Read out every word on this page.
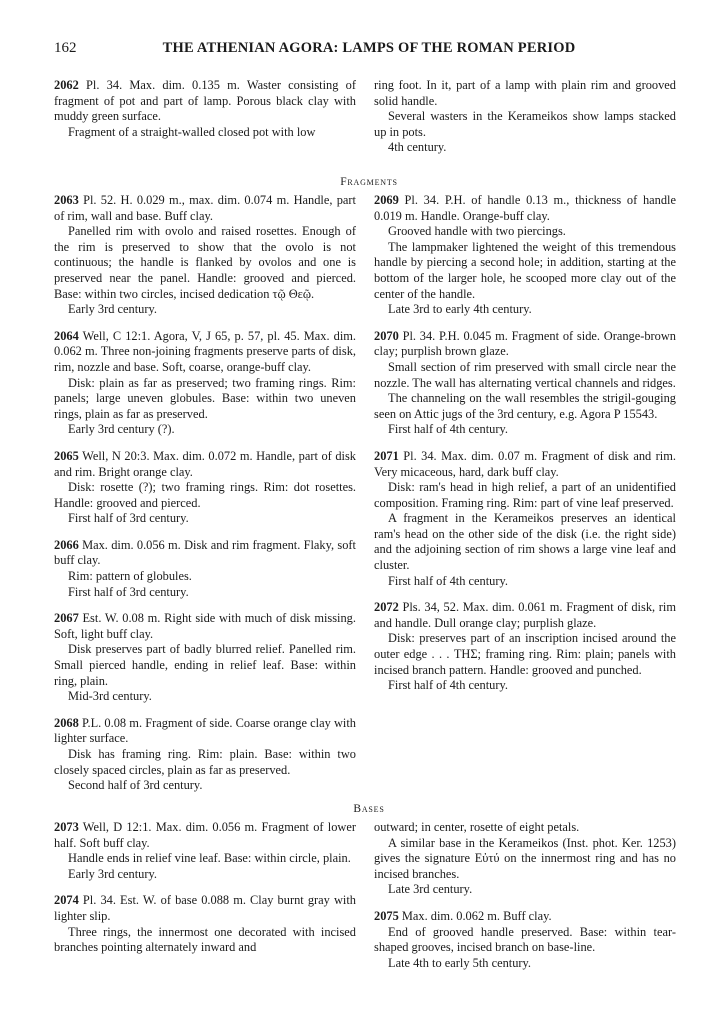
162	THE ATHENIAN AGORA: LAMPS OF THE ROMAN PERIOD

2062 Pl. 34. Max. dim. 0.135 m. Waster consisting of fragment of pot and part of lamp. Porous black clay with muddy green surface.

Fragment of a straight-walled closed pot with low

ring foot. In it, part of a lamp with plain rim and grooved solid handle.

Several wasters in the Kerameikos show lamps stacked up in pots.

4th century.

Fragments

2063 Pl. 52. H. 0.029 m., max. dim. 0.074 m. Handle, part of rim, wall and base. Buff clay.

Panelled rim with ovolo and raised rosettes. Enough of the rim is preserved to show that the ovolo is not continuous; the handle is flanked by ovolos and one is preserved near the panel. Handle: grooved and pierced. Base: within two circles, incised dedication τῷ Θεῷ.

Early 3rd century.

2064 Well, C 12:1. Agora, V, J 65, p. 57, pl. 45. Max. dim. 0.062 m. Three non-joining fragments preserve parts of disk, rim, nozzle and base. Soft, coarse, orange-buff clay.

Disk: plain as far as preserved; two framing rings. Rim: panels; large uneven globules. Base: within two uneven rings, plain as far as preserved.

Early 3rd century (?).

2065 Well, N 20:3. Max. dim. 0.072 m. Handle, part of disk and rim. Bright orange clay.

Disk: rosette (?); two framing rings. Rim: dot rosettes. Handle: grooved and pierced.

First half of 3rd century.

2066 Max. dim. 0.056 m. Disk and rim fragment. Flaky, soft buff clay.

Rim: pattern of globules.

First half of 3rd century.

2067 Est. W. 0.08 m. Right side with much of disk missing. Soft, light buff clay.

Disk preserves part of badly blurred relief. Panelled rim. Small pierced handle, ending in relief leaf. Base: within ring, plain.

Mid-3rd century.

2068 P.L. 0.08 m. Fragment of side. Coarse orange clay with lighter surface.

Disk has framing ring. Rim: plain. Base: within two closely spaced circles, plain as far as preserved.

Second half of 3rd century.

2069 Pl. 34. P.H. of handle 0.13 m., thickness of handle 0.019 m. Handle. Orange-buff clay.

Grooved handle with two piercings.

The lampmaker lightened the weight of this tremendous handle by piercing a second hole; in addition, starting at the bottom of the larger hole, he scooped more clay out of the center of the handle.

Late 3rd to early 4th century.

2070 Pl. 34. P.H. 0.045 m. Fragment of side. Orange-brown clay; purplish brown glaze.

Small section of rim preserved with small circle near the nozzle. The wall has alternating vertical channels and ridges.

The channeling on the wall resembles the strigil-gouging seen on Attic jugs of the 3rd century, e.g. Agora P 15543.

First half of 4th century.

2071 Pl. 34. Max. dim. 0.07 m. Fragment of disk and rim. Very micaceous, hard, dark buff clay.

Disk: ram's head in high relief, a part of an unidentified composition. Framing ring. Rim: part of vine leaf preserved.

A fragment in the Kerameikos preserves an identical ram's head on the other side of the disk (i.e. the right side) and the adjoining section of rim shows a large vine leaf and cluster.

First half of 4th century.

2072 Pls. 34, 52. Max. dim. 0.061 m. Fragment of disk, rim and handle. Dull orange clay; purplish glaze.

Disk: preserves part of an inscription incised around the outer edge . . . ΤΗΣ; framing ring. Rim: plain; panels with incised branch pattern. Handle: grooved and punched.

First half of 4th century.

Bases

2073 Well, D 12:1. Max. dim. 0.056 m. Fragment of lower half. Soft buff clay.

Handle ends in relief vine leaf. Base: within circle, plain.

Early 3rd century.

2074 Pl. 34. Est. W. of base 0.088 m. Clay burnt gray with lighter slip.

Three rings, the innermost one decorated with incised branches pointing alternately inward and

outward; in center, rosette of eight petals.

A similar base in the Kerameikos (Inst. phot. Ker. 1253) gives the signature Εὐτύ on the innermost ring and has no incised branches.

Late 3rd century.

2075 Max. dim. 0.062 m. Buff clay.

End of grooved handle preserved. Base: within tear-shaped grooves, incised branch on base-line.

Late 4th to early 5th century.
